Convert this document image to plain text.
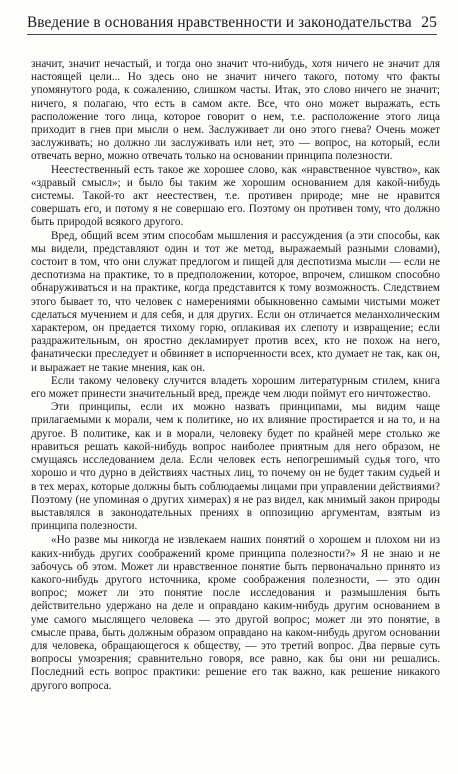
Введение в основания нравственности и законодательства 25

значит, значит нечастый, и тогда оно значит что-нибудь, хотя ничего не значит для настоящей цели... Но здесь оно не значит ничего такого, потому что факты упомянутого рода, к сожалению, слишком часты. Итак, это слово ничего не значит; ничего, я полагаю, что есть в самом акте. Все, что оно может выражать, есть расположение того лица, которое говорит о нем, т.е. расположение этого лица приходит в гнев при мысли о нем. Заслуживает ли оно этого гнева? Очень может заслуживать; но должно ли заслуживать или нет, это — вопрос, на который, если отвечать верно, можно отвечать только на основании принципа полезности.

Неестественный есть такое же хорошее слово, как «нравственное чувство», как «здравый смысл»; и было бы таким же хорошим основанием для какой-нибудь системы. Такой-то акт неестествен, т.е. противен природе; мне не нравится совершать его, и потому я не совершаю его. Поэтому он противен тому, что должно быть природой всякого другого.

Вред, общий всем этим способам мышления и рассуждения (а эти способы, как мы видели, представляют один и тот же метод, выражаемый разными словами), состоит в том, что они служат предлогом и пищей для деспотизма мысли — если не деспотизма на практике, то в предположении, которое, впрочем, слишком способно обнаруживаться и на практике, когда представится к тому возможность. Следствием этого бывает то, что человек с намерениями обыкновенно самыми чистыми может сделаться мучением и для себя, и для других. Если он отличается меланхолическим характером, он предается тихому горю, оплакивая их слепоту и извращение; если раздражительным, он яростно декламирует против всех, кто не похож на него, фанатически преследует и обвиняет в испорченности всех, кто думает не так, как он, и выражает не такие мнения, как он.

Если такому человеку случится владеть хорошим литературным стилем, книга его может принести значительный вред, прежде чем люди поймут его ничтожество.

Эти принципы, если их можно назвать принципами, мы видим чаще прилагаемыми к морали, чем к политике, но их влияние простирается и на то, и на другое. В политике, как и в морали, человеку будет по крайней мере столько же нравиться решать какой-нибудь вопрос наиболее приятным для него образом, не смущаясь исследованием дела. Если человек есть непогрешимый судья того, что хорошо и что дурно в действиях частных лиц, то почему он не будет таким судьей и в тех мерах, которые должны быть соблюдаемы лицами при управлении действиями? Поэтому (не упоминая о других химерах) я не раз видел, как мнимый закон природы выставлялся в законодательных прениях в оппозицию аргументам, взятым из принципа полезности.

«Но разве мы никогда не извлекаем наших понятий о хорошем и плохом ни из каких-нибудь других соображений кроме принципа полезности?» Я не знаю и не забочусь об этом. Может ли нравственное понятие быть первоначально принято из какого-нибудь другого источника, кроме соображения полезности, — это один вопрос; может ли это понятие после исследования и размышления быть действительно удержано на деле и оправдано каким-нибудь другим основанием в уме самого мыслящего человека — это другой вопрос; может ли это понятие, в смысле права, быть должным образом оправдано на каком-нибудь другом основании для человека, обращающегося к обществу, — это третий вопрос. Два первые суть вопросы умозрения; сравнительно говоря, все равно, как бы они ни решались. Последний есть вопрос практики: решение его так важно, как решение никакого другого вопроса.
